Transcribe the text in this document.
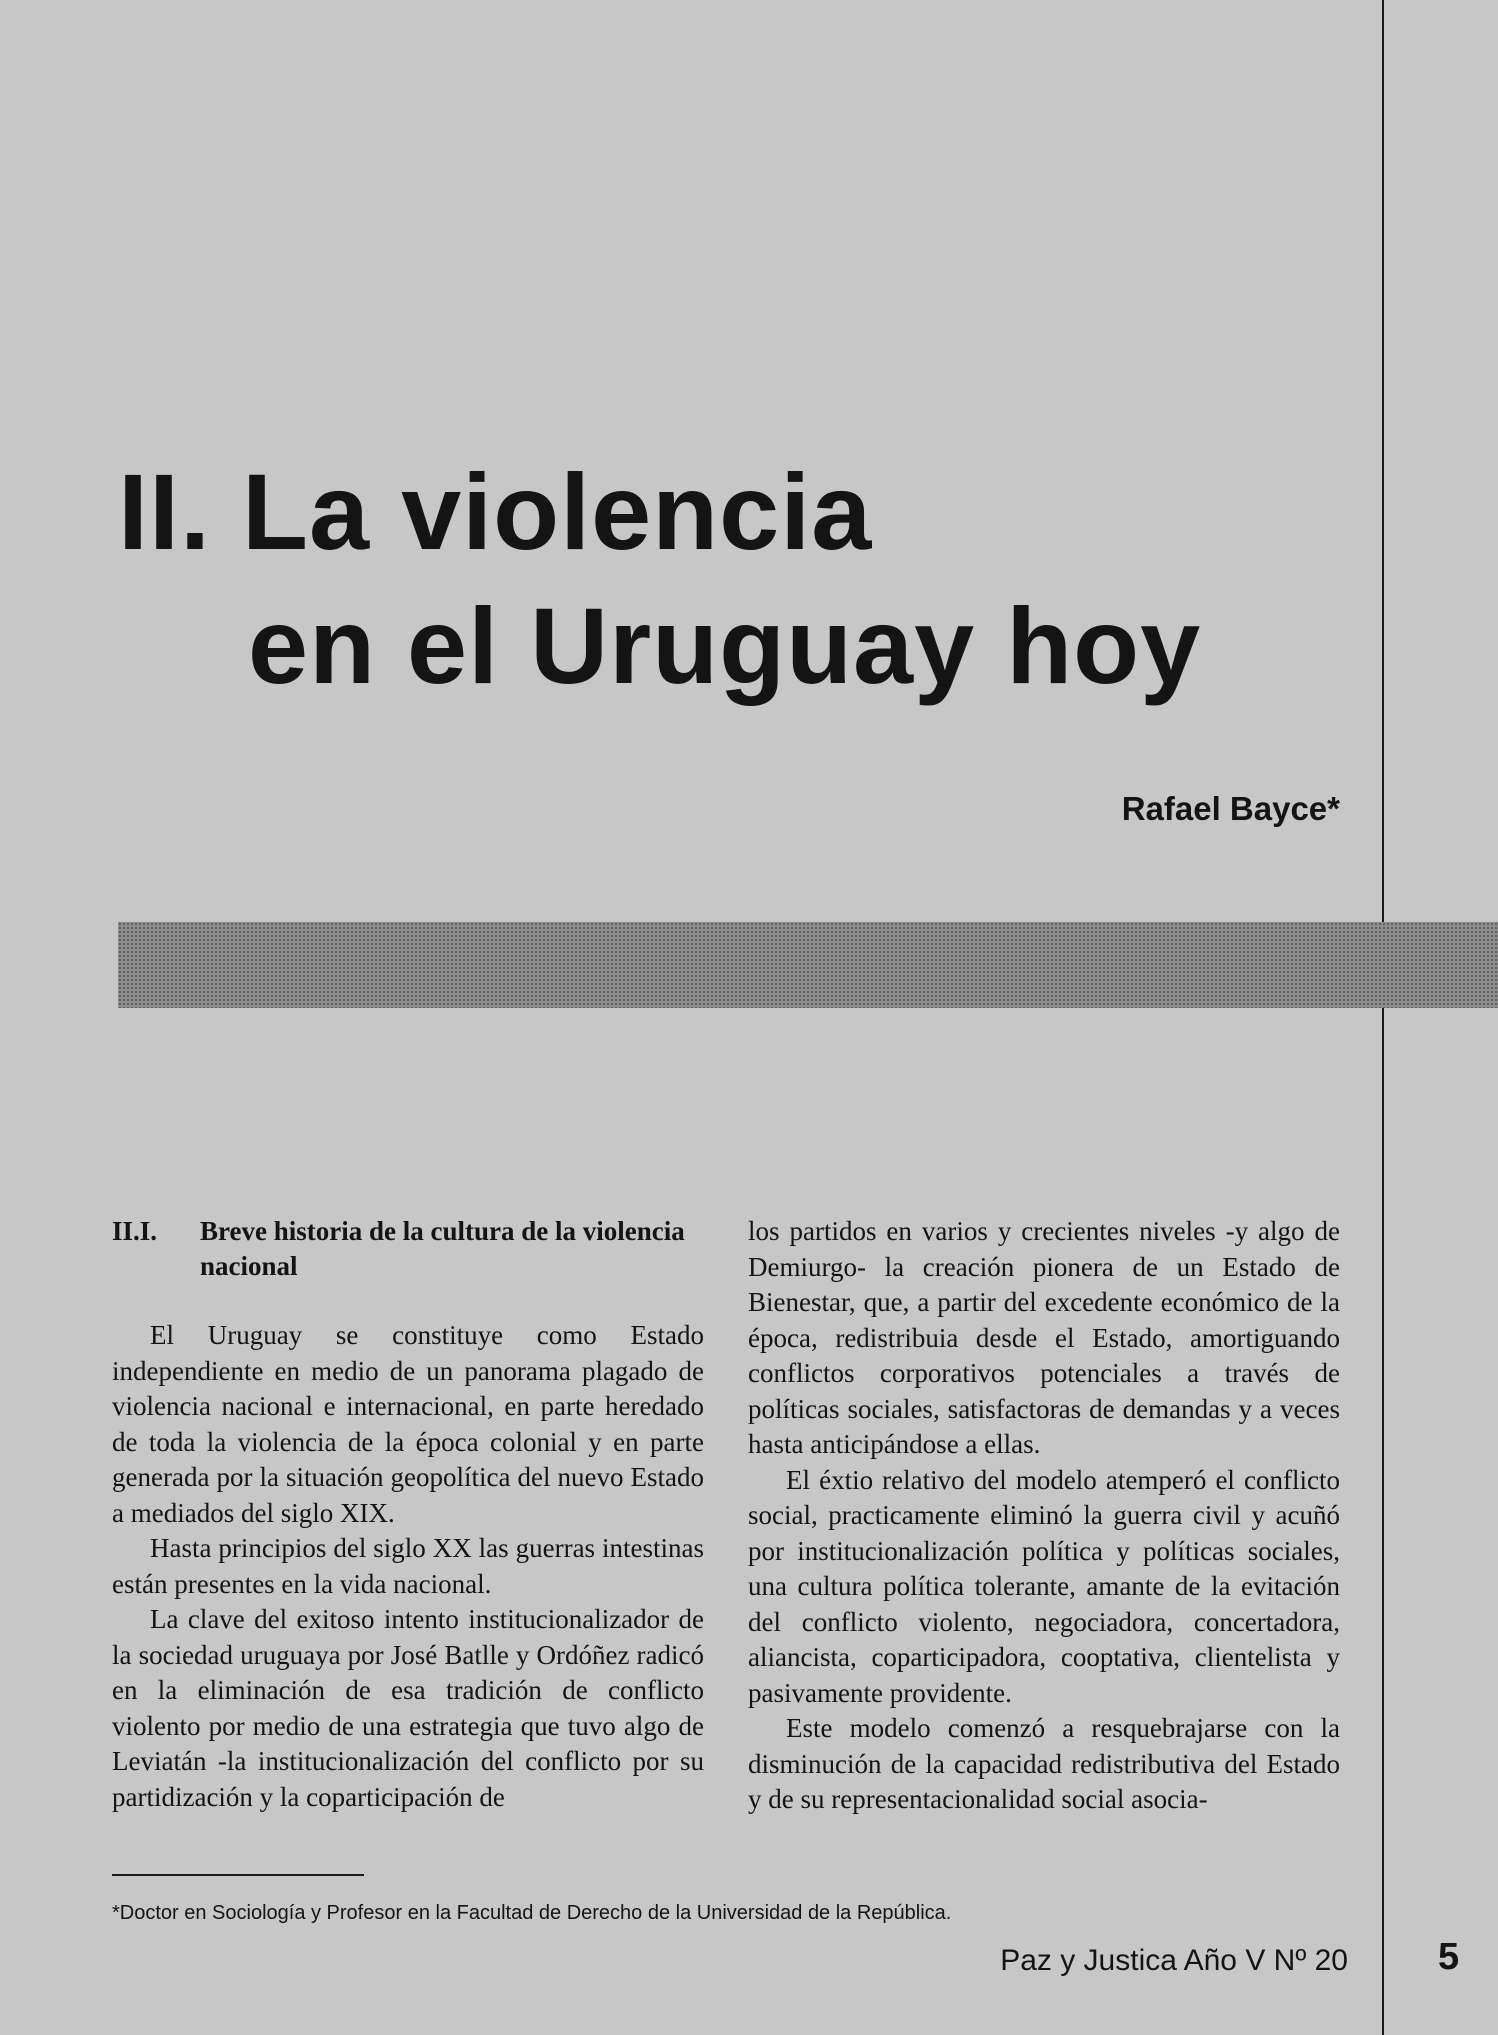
II. La violencia
en el Uruguay hoy

Rafael Bayce*

II.I.	Breve historia de la cultura de la violencia nacional

El Uruguay se constituye como Estado independiente en medio de un panorama plagado de violencia nacional e internacional, en parte heredado de toda la violencia de la época colonial y en parte generada por la situación geopolítica del nuevo Estado a mediados del siglo XIX.

Hasta principios del siglo XX las guerras intestinas están presentes en la vida nacional.

La clave del exitoso intento institucionalizador de la sociedad uruguaya por José Batlle y Ordóñez radicó en la eliminación de esa tradición de conflicto violento por medio de una estrategia que tuvo algo de Leviatán -la institucionalización del conflicto por su partidización y la coparticipación de

los partidos en varios y crecientes niveles -y algo de Demiurgo- la creación pionera de un Estado de Bienestar, que, a partir del excedente económico de la época, redistribuia desde el Estado, amortiguando conflictos corporativos potenciales a través de políticas sociales, satisfactoras de demandas y a veces hasta anticipándose a ellas.

El éxtio relativo del modelo atemperó el conflicto social, practicamente eliminó la guerra civil y acuñó por institucionalización política y políticas sociales, una cultura política tolerante, amante de la evitación del conflicto violento, negociadora, concertadora, aliancista, coparticipadora, cooptativa, clientelista y pasivamente providente.

Este modelo comenzó a resquebrajarse con la disminución de la capacidad redistributiva del Estado y de su representacionalidad social asocia-

*Doctor en Sociología y Profesor en la Facultad de Derecho de la Universidad de la República.

Paz y Justica Año V Nº 20 5
